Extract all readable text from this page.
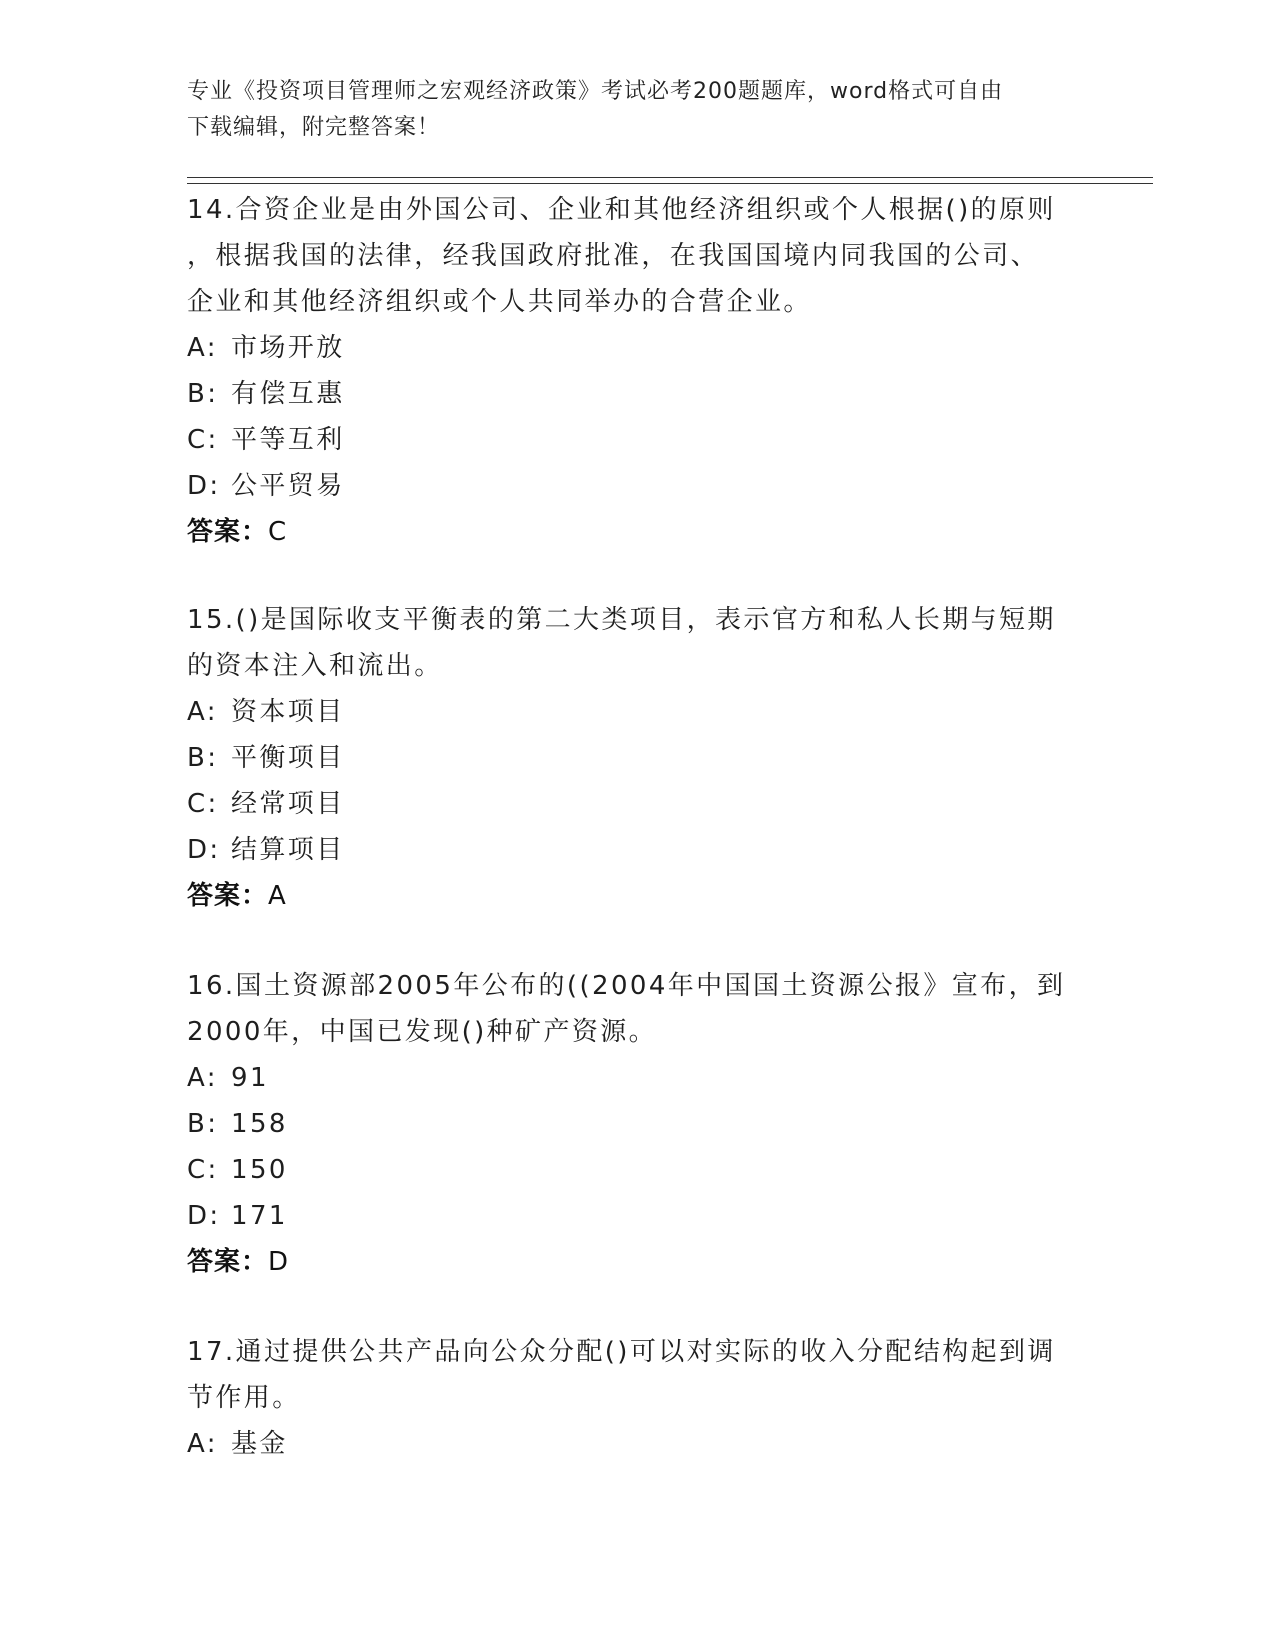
专业《投资项目管理师之宏观经济政策》考试必考200题题库，word格式可自由
下载编辑，附完整答案！
14.合资企业是由外国公司、企业和其他经济组织或个人根据()的原则
，根据我国的法律，经我国政府批准，在我国国境内同我国的公司、
企业和其他经济组织或个人共同举办的合营企业。
A: 市场开放
B: 有偿互惠
C: 平等互利
D: 公平贸易
答案：C
15.()是国际收支平衡表的第二大类项目，表示官方和私人长期与短期
的资本注入和流出。
A: 资本项目
B: 平衡项目
C: 经常项目
D: 结算项目
答案：A
16.国土资源部2005年公布的((2004年中国国土资源公报》宣布，到
2000年，中国已发现()种矿产资源。
A: 91
B: 158
C: 150
D: 171
答案：D
17.通过提供公共产品向公众分配()可以对实际的收入分配结构起到调
节作用。
A: 基金
